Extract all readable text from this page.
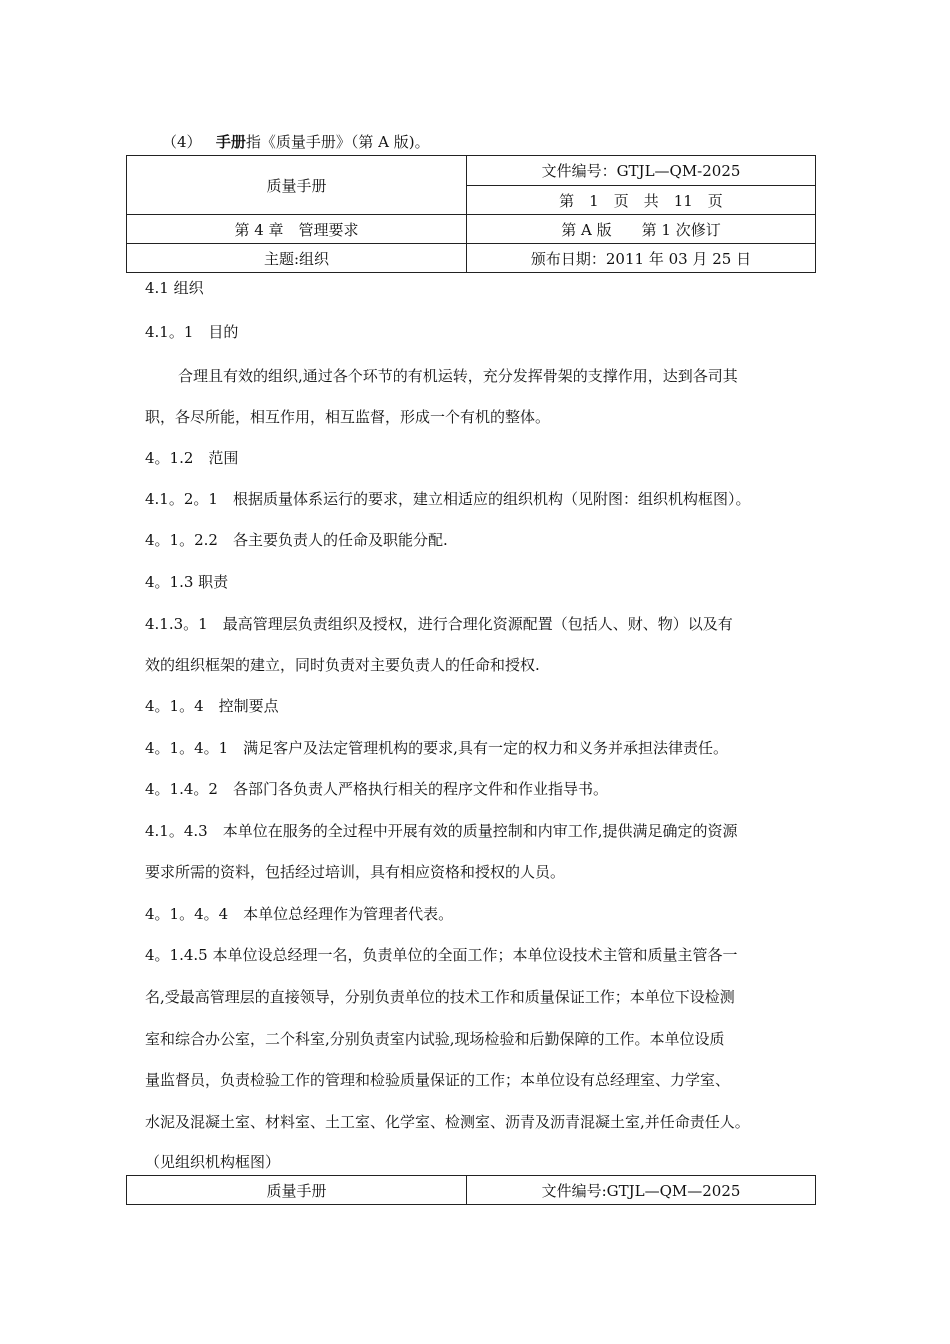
（4） 手册指《质量手册》（第 A 版)。
质量手册	文件编号：GTJL—QM-2025
	第　1　页　共　11　页
第 4 章　管理要求	第 A 版　　第 1 次修订
主题:组织	颁布日期：2011 年 03 月 25 日
4.1 组织
4.1。1　目的
合理且有效的组织,通过各个环节的有机运转，充分发挥骨架的支撑作用，达到各司其
职，各尽所能，相互作用，相互监督，形成一个有机的整体。
4。1.2　范围
4.1。2。1　根据质量体系运行的要求，建立相适应的组织机构（见附图：组织机构框图）。
4。1。2.2　各主要负责人的任命及职能分配.
4。1.3 职责
4.1.3。1　最高管理层负责组织及授权，进行合理化资源配置（包括人、财、物）以及有
效的组织框架的建立，同时负责对主要负责人的任命和授权.
4。1。4　控制要点
4。1。4。1　满足客户及法定管理机构的要求,具有一定的权力和义务并承担法律责任。
4。1.4。2　各部门各负责人严格执行相关的程序文件和作业指导书。
4.1。4.3　本单位在服务的全过程中开展有效的质量控制和内审工作,提供满足确定的资源
要求所需的资料，包括经过培训，具有相应资格和授权的人员。
4。1。4。4　本单位总经理作为管理者代表。
4。1.4.5 本单位设总经理一名，负责单位的全面工作；本单位设技术主管和质量主管各一
名,受最高管理层的直接领导，分别负责单位的技术工作和质量保证工作；本单位下设检测
室和综合办公室，二个科室,分别负责室内试验,现场检验和后勤保障的工作。本单位设质
量监督员，负责检验工作的管理和检验质量保证的工作；本单位设有总经理室、力学室、
水泥及混凝土室、材料室、土工室、化学室、检测室、沥青及沥青混凝土室,并任命责任人。
（见组织机构框图）
质量手册	文件编号:GTJL—QM—2025
